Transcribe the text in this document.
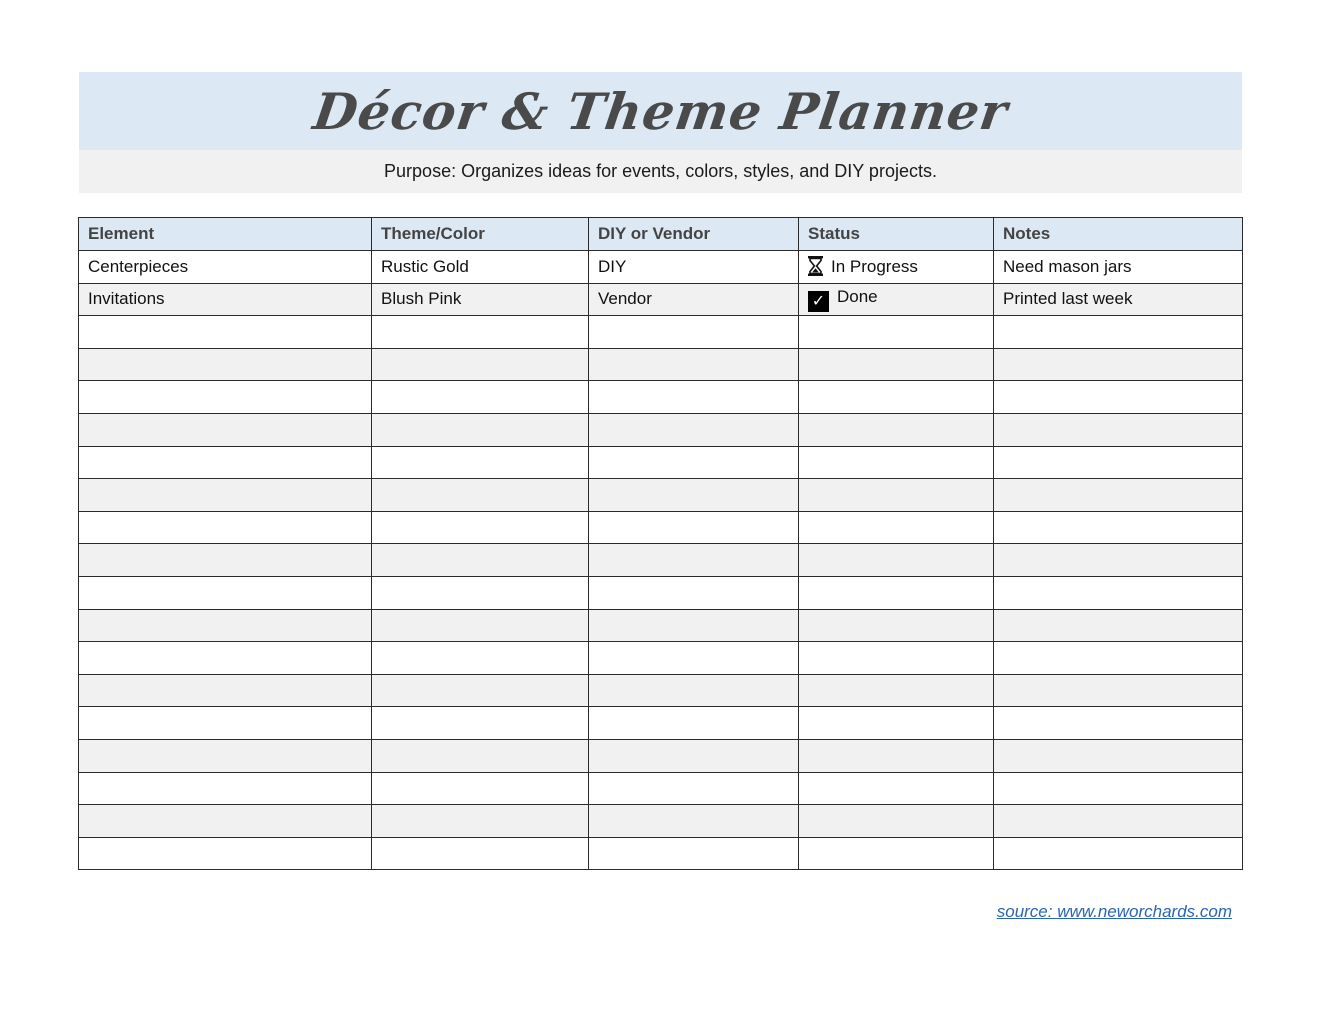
Décor & Theme Planner
Purpose: Organizes ideas for events, colors, styles, and DIY projects.
Element	Theme/Color	DIY or Vendor	Status	Notes
Centerpieces	Rustic Gold	DIY	In Progress	Need mason jars
Invitations	Blush Pink	Vendor	✓ Done	Printed last week

source: www.neworchards.com
